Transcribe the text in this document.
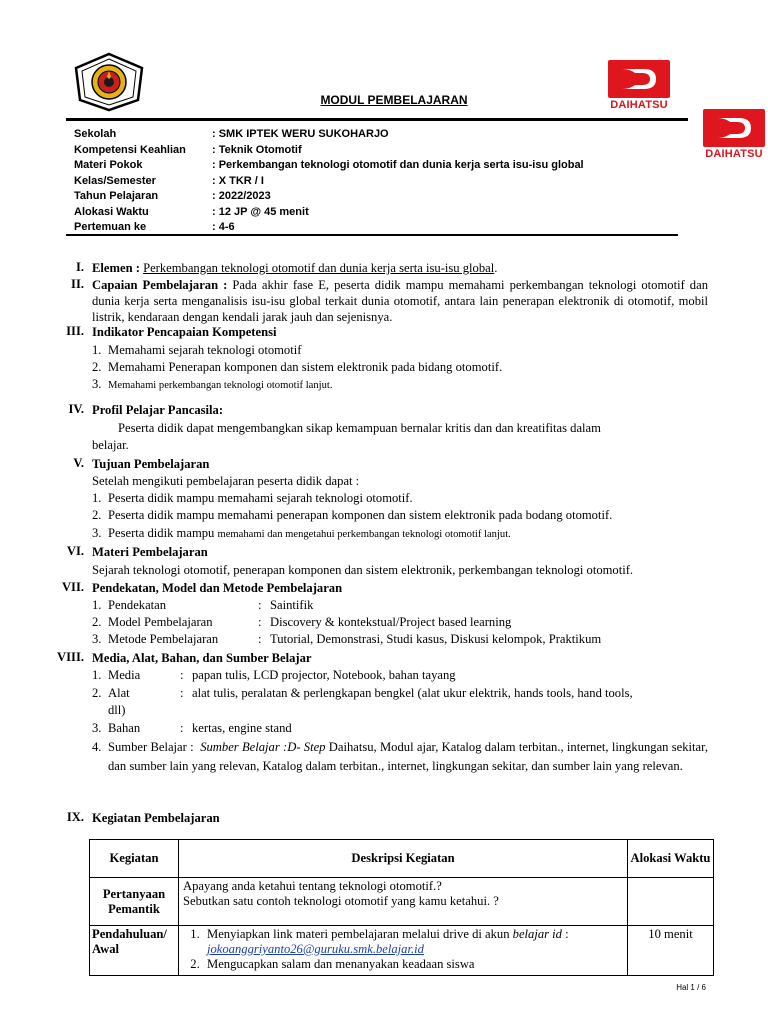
DAIHATSU
DAIHATSU
MODUL PEMBELAJARAN
Sekolah	: SMK IPTEK WERU SUKOHARJO
Kompetensi Keahlian	: Teknik Otomotif
Materi Pokok	: Perkembangan teknologi otomotif dan dunia kerja serta isu-isu global
Kelas/Semester	: X TKR / I
Tahun Pelajaran	: 2022/2023
Alokasi Waktu	: 12 JP @ 45 menit
Pertemuan ke	: 4-6
I. Elemen : Perkembangan teknologi otomotif dan dunia kerja serta isu-isu global.
II. Capaian Pembelajaran : Pada akhir fase E, peserta didik mampu memahami perkembangan teknologi otomotif dan dunia kerja serta menganalisis isu-isu global terkait dunia otomotif, antara lain penerapan elektronik di otomotif, mobil listrik, kendaraan dengan kendali jarak jauh dan sejenisnya.
III. Indikator Pencapaian Kompetensi
1. Memahami sejarah teknologi otomotif
2. Memahami Penerapan komponen dan sistem elektronik pada bidang otomotif.
3. Memahami perkembangan teknologi otomotif lanjut.
IV. Profil Pelajar Pancasila:
Peserta didik dapat mengembangkan sikap kemampuan bernalar kritis dan dan kreatifitas dalam
belajar.
V. Tujuan Pembelajaran
Setelah mengikuti pembelajaran peserta didik dapat :
1. Peserta didik mampu memahami sejarah teknologi otomotif.
2. Peserta didik mampu memahami penerapan komponen dan sistem elektronik pada bodang otomotif.
3. Peserta didik mampu memahami dan mengetahui perkembangan teknologi otomotif lanjut.
VI. Materi Pembelajaran
Sejarah teknologi otomotif, penerapan komponen dan sistem elektronik, perkembangan teknologi otomotif.
VII. Pendekatan, Model dan Metode Pembelajaran
1. Pendekatan	: Saintifik
2. Model Pembelajaran	: Discovery & kontekstual/Project based learning
3. Metode Pembelajaran	: Tutorial, Demonstrasi, Studi kasus, Diskusi kelompok, Praktikum
VIII. Media, Alat, Bahan, dan Sumber Belajar
1. Media	: papan tulis, LCD projector, Notebook, bahan tayang
2. Alat	: alat tulis, peralatan & perlengkapan bengkel (alat ukur elektrik, hands tools, hand tools,
dll)
3. Bahan	: kertas, engine stand
4. Sumber Belajar : Sumber Belajar :D- Step Daihatsu, Modul ajar, Katalog dalam terbitan., internet, lingkungan sekitar, dan sumber lain yang relevan, Katalog dalam terbitan., internet, lingkungan sekitar, dan sumber lain yang relevan.
IX. Kegiatan Pembelajaran
Kegiatan	Deskripsi Kegiatan	Alokasi Waktu
Pertanyaan Pemantik	Apayang anda ketahui tentang teknologi otomotif.?
Sebutkan satu contoh teknologi otomotif yang kamu ketahui. ?	

Pendahuluan/ Awal	1. Menyiapkan link materi pembelajaran melalui drive di akun belajar id :
jokoanggriyanto26@guruku.smk.belajar.id
2. Mengucapkan salam dan menanyakan keadaan siswa	10 menit
Hal 1 / 6
